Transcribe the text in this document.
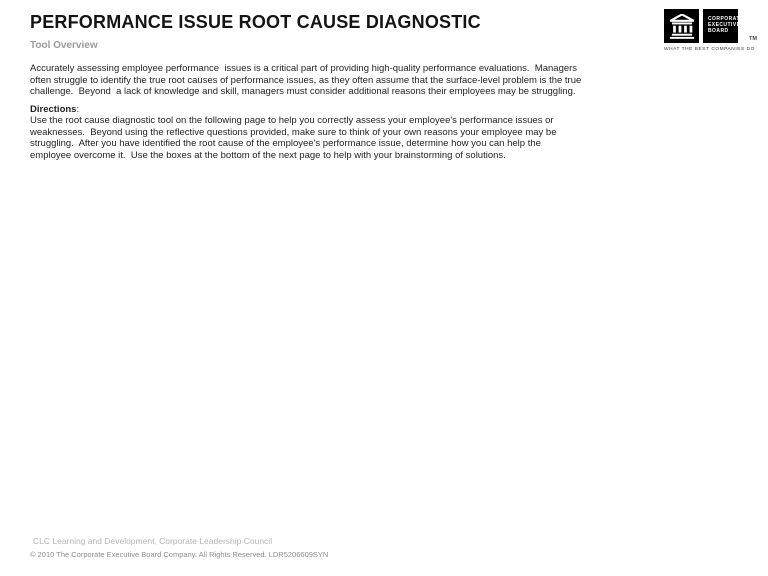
PERFORMANCE ISSUE ROOT CAUSE DIAGNOSTIC
Tool Overview
CORPORATE
EXECUTIVE
BOARD
WHAT THE BEST COMPANIES DO
TM
Accurately assessing employee performance  issues is a critical part of providing high-quality performance evaluations.  Managers often struggle to identify the true root causes of performance issues, as they often assume that the surface-level problem is the true challenge.  Beyond  a lack of knowledge and skill, managers must consider additional reasons their employees may be struggling.
Directions:
Use the root cause diagnostic tool on the following page to help you correctly assess your employee's performance issues or weaknesses.  Beyond using the reflective questions provided, make sure to think of your own reasons your employee may be struggling.  After you have identified the root cause of the employee's performance issue, determine how you can help the employee overcome it.  Use the boxes at the bottom of the next page to help with your brainstorming of solutions.
CLC Learning and Development, Corporate Leadership Council
© 2010 The Corporate Executive Board Company. All Rights Reserved. LDR5206609SYN
